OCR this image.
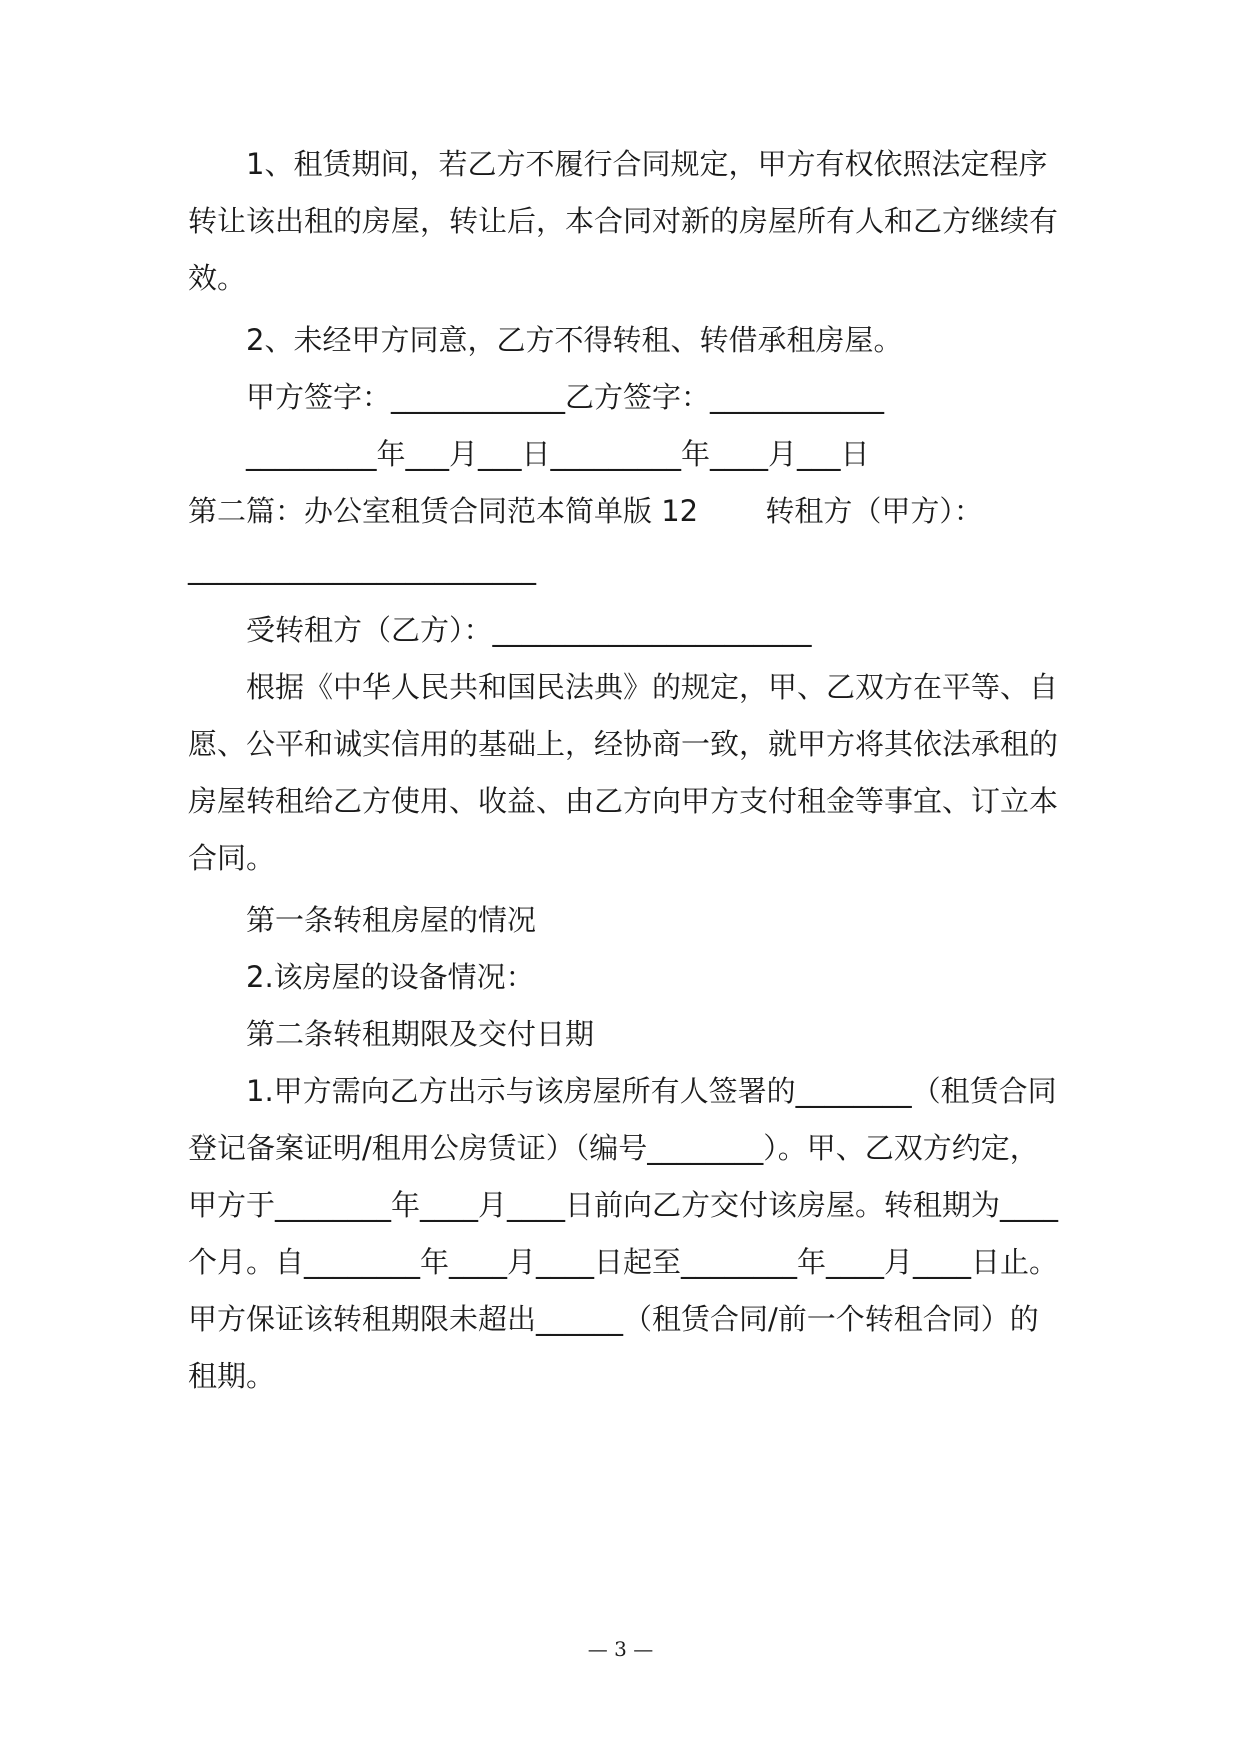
1、租赁期间，若乙方不履行合同规定，甲方有权依照法定程序
转让该出租的房屋，转让后，本合同对新的房屋所有人和乙方继续有
效。
2、未经甲方同意，乙方不得转租、转借承租房屋。
甲方签字：____________乙方签字：____________
_________年___月___日_________年____月___日
第二篇：办公室租赁合同范本简单版 12　　 转租方（甲方）：
________________________
受转租方（乙方）：______________________
根据《中华人民共和国民法典》的规定，甲、乙双方在平等、自
愿、公平和诚实信用的基础上，经协商一致，就甲方将其依法承租的
房屋转租给乙方使用、收益、由乙方向甲方支付租金等事宜、订立本
合同。
第一条转租房屋的情况
2.该房屋的设备情况：
第二条转租期限及交付日期
1.甲方需向乙方出示与该房屋所有人签署的________（租赁合同
登记备案证明/租用公房赁证）（编号________）。甲、乙双方约定，
甲方于________年____月____日前向乙方交付该房屋。转租期为____
个月。自________年____月____日起至________年____月____日止。
甲方保证该转租期限未超出______（租赁合同/前一个转租合同）的
租期。
— 3 —
